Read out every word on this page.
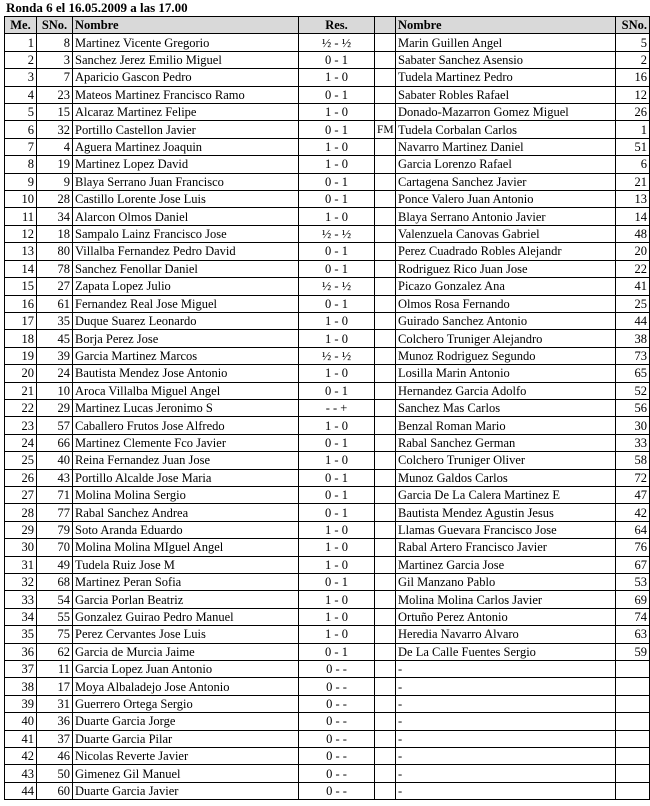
Ronda 6 el 16.05.2009 a las 17.00
Me.	SNo.	Nombre	Res.		Nombre	SNo.
1	8	Martinez Vicente Gregorio	½ - ½		Marin Guillen Angel	5
2	3	Sanchez Jerez Emilio Miguel	0 - 1		Sabater Sanchez Asensio	2
3	7	Aparicio Gascon Pedro	1 - 0		Tudela Martinez Pedro	16
4	23	Mateos Martinez Francisco Ramo	0 - 1		Sabater Robles Rafael	12
5	15	Alcaraz Martinez Felipe	1 - 0		Donado-Mazarron Gomez Miguel	26
6	32	Portillo Castellon Javier	0 - 1	FM	Tudela Corbalan Carlos	1
7	4	Aguera Martinez Joaquin	1 - 0		Navarro Martinez Daniel	51
8	19	Martinez Lopez David	1 - 0		Garcia Lorenzo Rafael	6
9	9	Blaya Serrano Juan Francisco	0 - 1		Cartagena Sanchez Javier	21
10	28	Castillo Lorente Jose Luis	0 - 1		Ponce Valero Juan Antonio	13
11	34	Alarcon Olmos Daniel	1 - 0		Blaya Serrano Antonio Javier	14
12	18	Sampalo Lainz Francisco Jose	½ - ½		Valenzuela Canovas Gabriel	48
13	80	Villalba Fernandez Pedro David	0 - 1		Perez Cuadrado Robles Alejandr	20
14	78	Sanchez Fenollar Daniel	0 - 1		Rodriguez Rico Juan Jose	22
15	27	Zapata Lopez Julio	½ - ½		Picazo Gonzalez Ana	41
16	61	Fernandez Real Jose Miguel	0 - 1		Olmos Rosa Fernando	25
17	35	Duque Suarez Leonardo	1 - 0		Guirado Sanchez Antonio	44
18	45	Borja Perez Jose	1 - 0		Colchero Truniger Alejandro	38
19	39	Garcia Martinez Marcos	½ - ½		Munoz Rodriguez Segundo	73
20	24	Bautista Mendez Jose Antonio	1 - 0		Losilla Marin Antonio	65
21	10	Aroca Villalba Miguel Angel	0 - 1		Hernandez Garcia Adolfo	52
22	29	Martinez Lucas Jeronimo S	- - +		Sanchez Mas Carlos	56
23	57	Caballero Frutos Jose Alfredo	1 - 0		Benzal Roman Mario	30
24	66	Martinez Clemente Fco Javier	0 - 1		Rabal Sanchez German	33
25	40	Reina Fernandez Juan Jose	1 - 0		Colchero Truniger Oliver	58
26	43	Portillo Alcalde Jose Maria	0 - 1		Munoz Galdos Carlos	72
27	71	Molina Molina Sergio	0 - 1		Garcia De La Calera Martinez E	47
28	77	Rabal Sanchez Andrea	0 - 1		Bautista Mendez Agustin Jesus	42
29	79	Soto Aranda Eduardo	1 - 0		Llamas Guevara Francisco Jose	64
30	70	Molina Molina MIguel Angel	1 - 0		Rabal Artero Francisco Javier	76
31	49	Tudela Ruiz Jose M	1 - 0		Martinez Garcia Jose	67
32	68	Martinez Peran Sofia	0 - 1		Gil Manzano Pablo	53
33	54	Garcia Porlan Beatriz	1 - 0		Molina Molina Carlos Javier	69
34	55	Gonzalez Guirao Pedro Manuel	1 - 0		Ortuño Perez Antonio	74
35	75	Perez Cervantes Jose Luis	1 - 0		Heredia Navarro Alvaro	63
36	62	Garcia de Murcia Jaime	0 - 1		De La Calle Fuentes Sergio	59
37	11	Garcia Lopez Juan Antonio	0 - -		-	
38	17	Moya Albaladejo Jose Antonio	0 - -		-	
39	31	Guerrero Ortega Sergio	0 - -		-	
40	36	Duarte Garcia Jorge	0 - -		-	
41	37	Duarte Garcia Pilar	0 - -		-	
42	46	Nicolas Reverte Javier	0 - -		-	
43	50	Gimenez Gil Manuel	0 - -		-	
44	60	Duarte Garcia Javier	0 - -		-	
